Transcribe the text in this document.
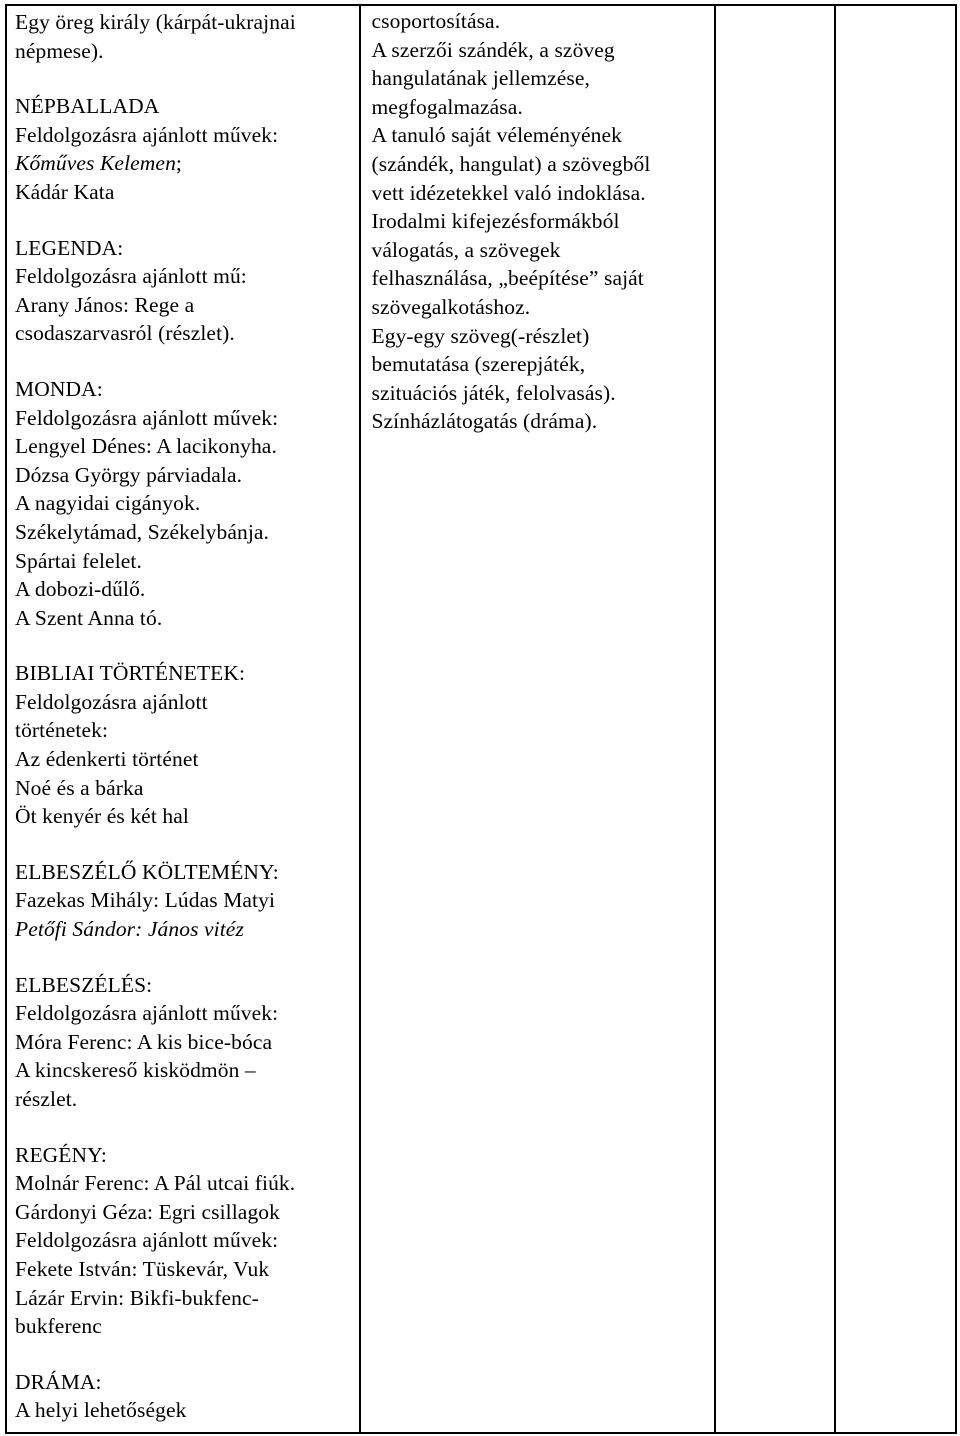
Egy öreg király (kárpát-ukrajnai
népmese).
NÉPBALLADA
Feldolgozásra ajánlott művek:
Kőműves Kelemen;
Kádár Kata
LEGENDA:
Feldolgozásra ajánlott mű:
Arany János: Rege a
csodaszarvasról (részlet).
MONDA:
Feldolgozásra ajánlott művek:
Lengyel Dénes: A lacikonyha.
Dózsa György párviadala.
A nagyidai cigányok.
Székelytámad, Székelybánja.
Spártai felelet.
A dobozi-dűlő.
A Szent Anna tó.
BIBLIAI TÖRTÉNETEK:
Feldolgozásra ajánlott
történetek:
Az édenkerti történet
Noé és a bárka
Öt kenyér és két hal
ELBESZÉLŐ KÖLTEMÉNY:
Fazekas Mihály: Lúdas Matyi
Petőfi Sándor: János vitéz
ELBESZÉLÉS:
Feldolgozásra ajánlott művek:
Móra Ferenc: A kis bice-bóca
A kincskereső kisködmön –
részlet.
REGÉNY:
Molnár Ferenc: A Pál utcai fiúk.
Gárdonyi Géza: Egri csillagok
Feldolgozásra ajánlott művek:
Fekete István: Tüskevár, Vuk
Lázár Ervin: Bikfi-bukfenc-
bukferenc
DRÁMA:
A helyi lehetőségek

csoportosítása.
A szerzői szándék, a szöveg
hangulatának jellemzése,
megfogalmazása.
A tanuló saját véleményének
(szándék, hangulat) a szövegből
vett idézetekkel való indoklása.
Irodalmi kifejezésformákból
válogatás, a szövegek
felhasználása, „beépítése” saját
szövegalkotáshoz.
Egy-egy szöveg(-részlet)
bemutatása (szerepjáték,
szituációs játék, felolvasás).
Színházlátogatás (dráma).
